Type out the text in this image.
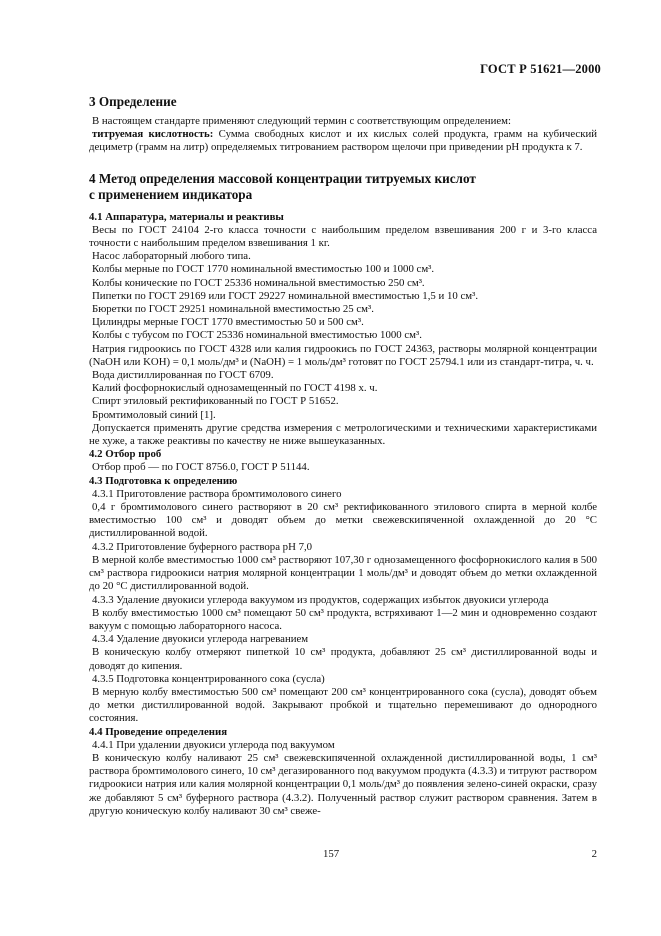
ГОСТ Р 51621—2000
3 Определение

В настоящем стандарте применяют следующий термин с соответствующим определением:

титруемая кислотность: Сумма свободных кислот и их кислых солей продукта, грамм на кубический дециметр (грамм на литр) определяемых титрованием раствором щелочи при приведении рН продукта к 7.

4 Метод определения массовой концентрации титруемых кислот
с применением индикатора

4.1 Аппаратура, материалы и реактивы

Весы по ГОСТ 24104 2-го класса точности с наибольшим пределом взвешивания 200 г и 3-го класса точности с наибольшим пределом взвешивания 1 кг.

Насос лабораторный любого типа.

Колбы мерные по ГОСТ 1770 номинальной вместимостью 100 и 1000 см³.

Колбы конические по ГОСТ 25336 номинальной вместимостью 250 см³.

Пипетки по ГОСТ 29169 или ГОСТ 29227 номинальной вместимостью 1,5 и 10 см³.

Бюретки по ГОСТ 29251 номинальной вместимостью 25 см³.

Цилиндры мерные ГОСТ 1770 вместимостью 50 и 500 см³.

Колбы с тубусом по ГОСТ 25336 номинальной вместимостью 1000 см³.

Натрия гидроокись по ГОСТ 4328 или калия гидроокись по ГОСТ 24363, растворы молярной концентрации (NaOH или KOH) = 0,1 моль/дм³ и (NaOH) = 1 моль/дм³ готовят по ГОСТ 25794.1 или из стандарт-титра, ч. ч.

Вода дистиллированная по ГОСТ 6709.

Калий фосфорнокислый однозамещенный по ГОСТ 4198 х. ч.

Спирт этиловый ректификованный по ГОСТ Р 51652.

Бромтимоловый синий [1].

Допускается применять другие средства измерения с метрологическими и техническими характеристиками не хуже, а также реактивы по качеству не ниже вышеуказанных.

4.2 Отбор проб

Отбор проб — по ГОСТ 8756.0, ГОСТ Р 51144.

4.3 Подготовка к определению

4.3.1 Приготовление раствора бромтимолового синего

0,4 г бромтимолового синего растворяют в 20 см³ ректификованного этилового спирта в мерной колбе вместимостью 100 см³ и доводят объем до метки свежевскипяченной охлажденной до 20 °С дистиллированной водой.

4.3.2 Приготовление буферного раствора рН 7,0

В мерной колбе вместимостью 1000 см³ растворяют 107,30 г однозамещенного фосфорнокислого калия в 500 см³ раствора гидроокиси натрия молярной концентрации 1 моль/дм³ и доводят объем до метки охлажденной до 20 °С дистиллированной водой.

4.3.3 Удаление двуокиси углерода вакуумом из продуктов, содержащих избыток двуокиси углерода

В колбу вместимостью 1000 см³ помещают 50 см³ продукта, встряхивают 1—2 мин и одновременно создают вакуум с помощью лабораторного насоса.

4.3.4 Удаление двуокиси углерода нагреванием

В коническую колбу отмеряют пипеткой 10 см³ продукта, добавляют 25 см³ дистиллированной воды и доводят до кипения.

4.3.5 Подготовка концентрированного сока (сусла)

В мерную колбу вместимостью 500 см³ помещают 200 см³ концентрированного сока (сусла), доводят объем до метки дистиллированной водой. Закрывают пробкой и тщательно перемешивают до однородного состояния.

4.4 Проведение определения

4.4.1 При удалении двуокиси углерода под вакуумом

В коническую колбу наливают 25 см³ свежевскипяченной охлажденной дистиллированной воды, 1 см³ раствора бромтимолового синего, 10 см³ дегазированного под вакуумом продукта (4.3.3) и титруют раствором гидроокиси натрия или калия молярной концентрации 0,1 моль/дм³ до появления зелено-синей окраски, сразу же добавляют 5 см³ буферного раствора (4.3.2). Полученный раствор служит раствором сравнения. Затем в другую коническую колбу наливают 30 см³ свеже-

157	2
